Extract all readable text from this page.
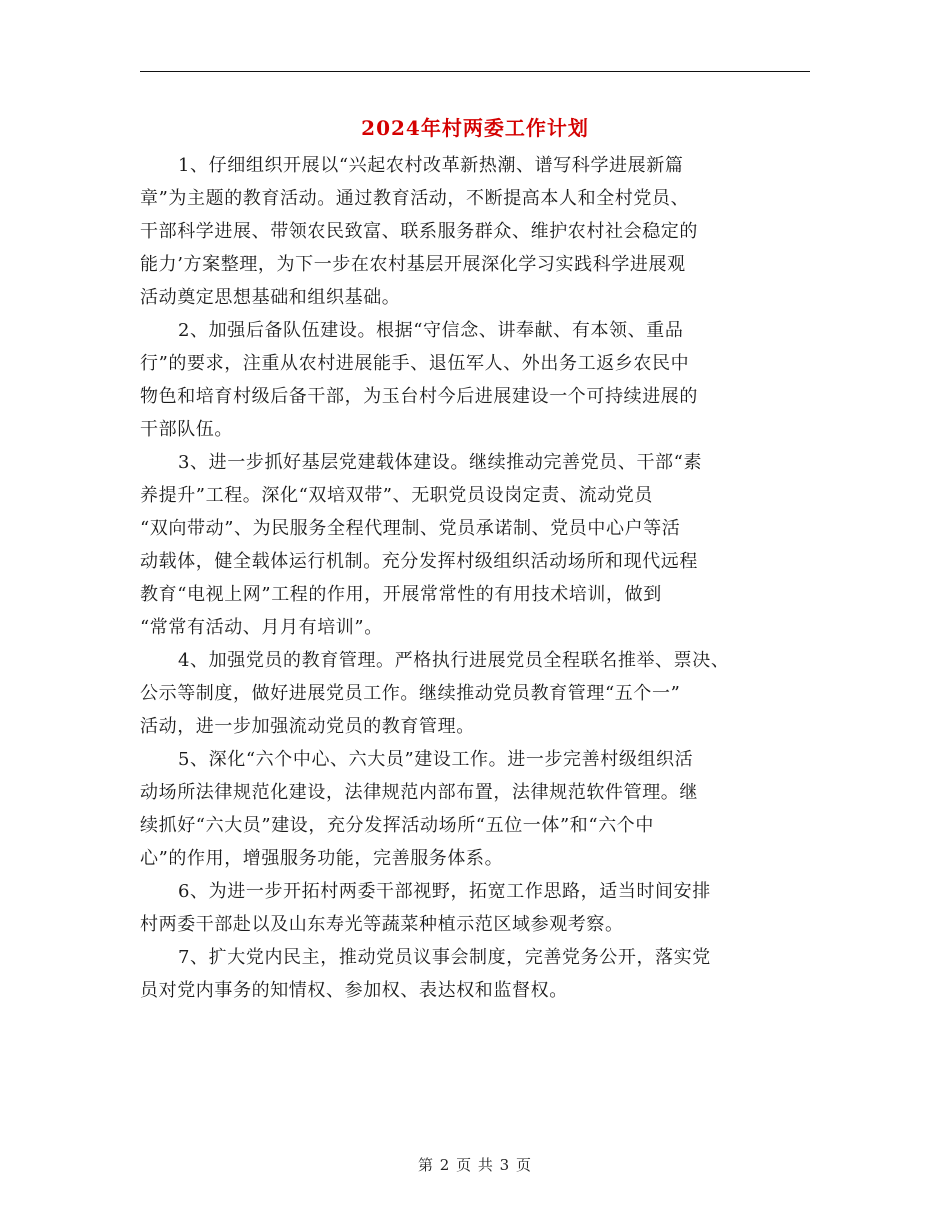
2024年村两委工作计划
1、仔细组织开展以“兴起农村改革新热潮、谱写科学进展新篇
章”为主题的教育活动。通过教育活动，不断提高本人和全村党员、
干部科学进展、带领农民致富、联系服务群众、维护农村社会稳定的
能力’方案整理，为下一步在农村基层开展深化学习实践科学进展观
活动奠定思想基础和组织基础。
2、加强后备队伍建设。根据“守信念、讲奉献、有本领、重品
行”的要求，注重从农村进展能手、退伍军人、外出务工返乡农民中
物色和培育村级后备干部，为玉台村今后进展建设一个可持续进展的
干部队伍。
3、进一步抓好基层党建载体建设。继续推动完善党员、干部“素
养提升”工程。深化“双培双带”、无职党员设岗定责、流动党员
“双向带动”、为民服务全程代理制、党员承诺制、党员中心户等活
动载体，健全载体运行机制。充分发挥村级组织活动场所和现代远程
教育“电视上网”工程的作用，开展常常性的有用技术培训，做到
“常常有活动、月月有培训”。
4、加强党员的教育管理。严格执行进展党员全程联名推举、票决、
公示等制度，做好进展党员工作。继续推动党员教育管理“五个一”
活动，进一步加强流动党员的教育管理。
5、深化“六个中心、六大员”建设工作。进一步完善村级组织活
动场所法律规范化建设，法律规范内部布置，法律规范软件管理。继
续抓好“六大员”建设，充分发挥活动场所“五位一体”和“六个中
心”的作用，增强服务功能，完善服务体系。
6、为进一步开拓村两委干部视野，拓宽工作思路，适当时间安排
村两委干部赴以及山东寿光等蔬菜种植示范区域参观考察。
7、扩大党内民主，推动党员议事会制度，完善党务公开，落实党
员对党内事务的知情权、参加权、表达权和监督权。
第 2 页 共 3 页
